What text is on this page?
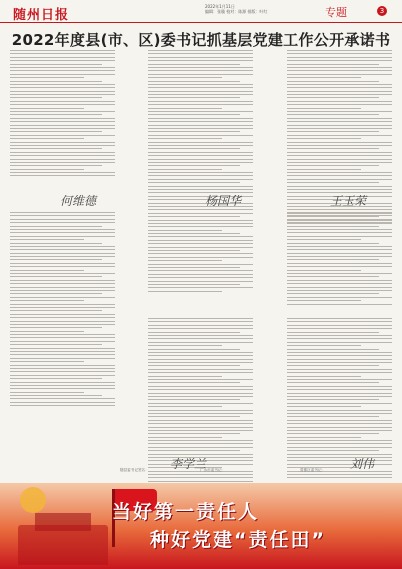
随州日报
2022年1月11日
编辑：张璇 校对：陈源 排版：叶红	专题	3
2022年度县(市、区)委书记抓基层党建工作公开承诺书
何维德	杨国华	王玉荣
随县委书记签名：	广水市委书记：	曾都区委书记：
李学兰	刘伟
当好第一责任人
种好党建“责任田”
